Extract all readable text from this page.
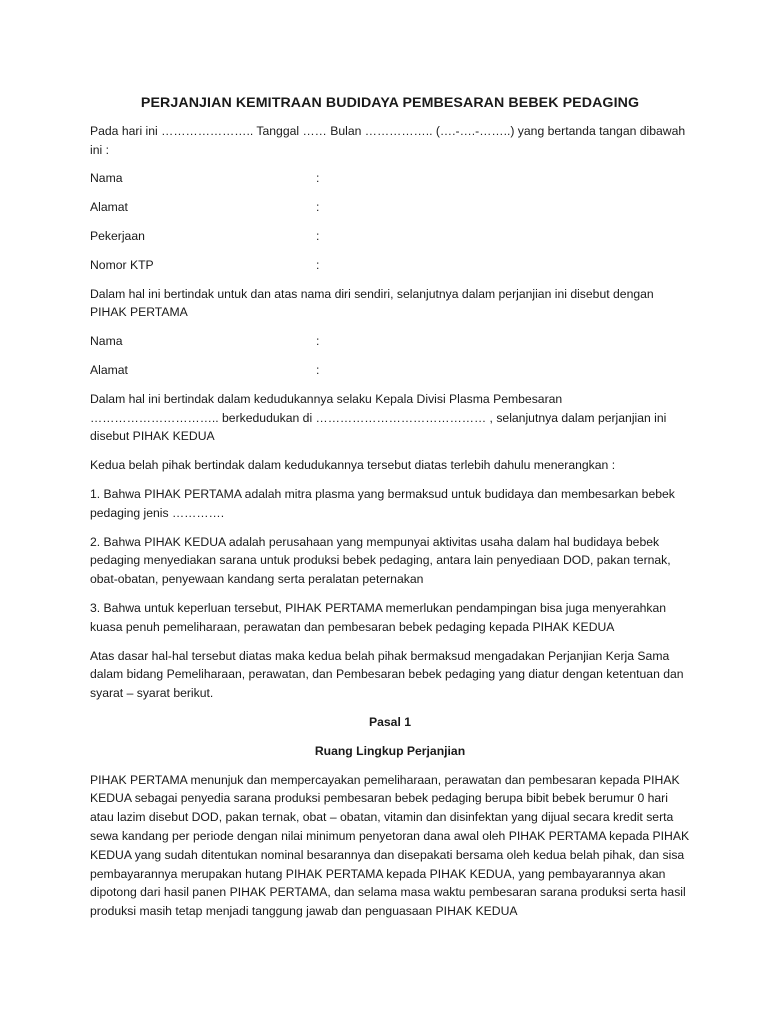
PERJANJIAN KEMITRAAN BUDIDAYA PEMBESARAN BEBEK PEDAGING

Pada hari ini ………………….. Tanggal …… Bulan …………….. (….-….-……..) yang bertanda tangan dibawah ini :

Nama	:
Alamat	:
Pekerjaan	:
Nomor KTP	:

Dalam hal ini bertindak untuk dan atas nama diri sendiri, selanjutnya dalam perjanjian ini disebut dengan PIHAK PERTAMA

Nama	:
Alamat	:

Dalam hal ini bertindak dalam kedudukannya selaku Kepala Divisi Plasma Pembesaran ………………………….. berkedudukan di …………………………………… , selanjutnya dalam perjanjian ini disebut PIHAK KEDUA

Kedua belah pihak bertindak dalam kedudukannya tersebut diatas terlebih dahulu menerangkan :

1. Bahwa PIHAK PERTAMA adalah mitra plasma yang bermaksud untuk budidaya dan membesarkan bebek pedaging jenis ………….

2. Bahwa PIHAK KEDUA adalah perusahaan yang mempunyai aktivitas usaha dalam hal budidaya bebek pedaging menyediakan sarana untuk produksi bebek pedaging, antara lain penyediaan DOD, pakan ternak, obat-obatan, penyewaan kandang serta peralatan peternakan

3. Bahwa untuk keperluan tersebut, PIHAK PERTAMA memerlukan pendampingan bisa juga menyerahkan kuasa penuh pemeliharaan, perawatan dan pembesaran bebek pedaging kepada PIHAK KEDUA

Atas dasar hal-hal tersebut diatas maka kedua belah pihak bermaksud mengadakan Perjanjian Kerja Sama dalam bidang Pemeliharaan, perawatan, dan Pembesaran bebek pedaging yang diatur dengan ketentuan dan syarat – syarat berikut.

Pasal 1

Ruang Lingkup Perjanjian

PIHAK PERTAMA menunjuk dan mempercayakan pemeliharaan, perawatan dan pembesaran kepada PIHAK KEDUA sebagai penyedia sarana produksi pembesaran bebek pedaging berupa bibit bebek berumur 0 hari atau lazim disebut DOD, pakan ternak, obat – obatan, vitamin dan disinfektan yang dijual secara kredit serta sewa kandang per periode dengan nilai minimum penyetoran dana awal oleh PIHAK PERTAMA kepada PIHAK KEDUA yang sudah ditentukan nominal besarannya dan disepakati bersama oleh kedua belah pihak, dan sisa pembayarannya merupakan hutang PIHAK PERTAMA kepada PIHAK KEDUA, yang pembayarannya akan dipotong dari hasil panen PIHAK PERTAMA, dan selama masa waktu pembesaran sarana produksi serta hasil produksi masih tetap menjadi tanggung jawab dan penguasaan PIHAK KEDUA
